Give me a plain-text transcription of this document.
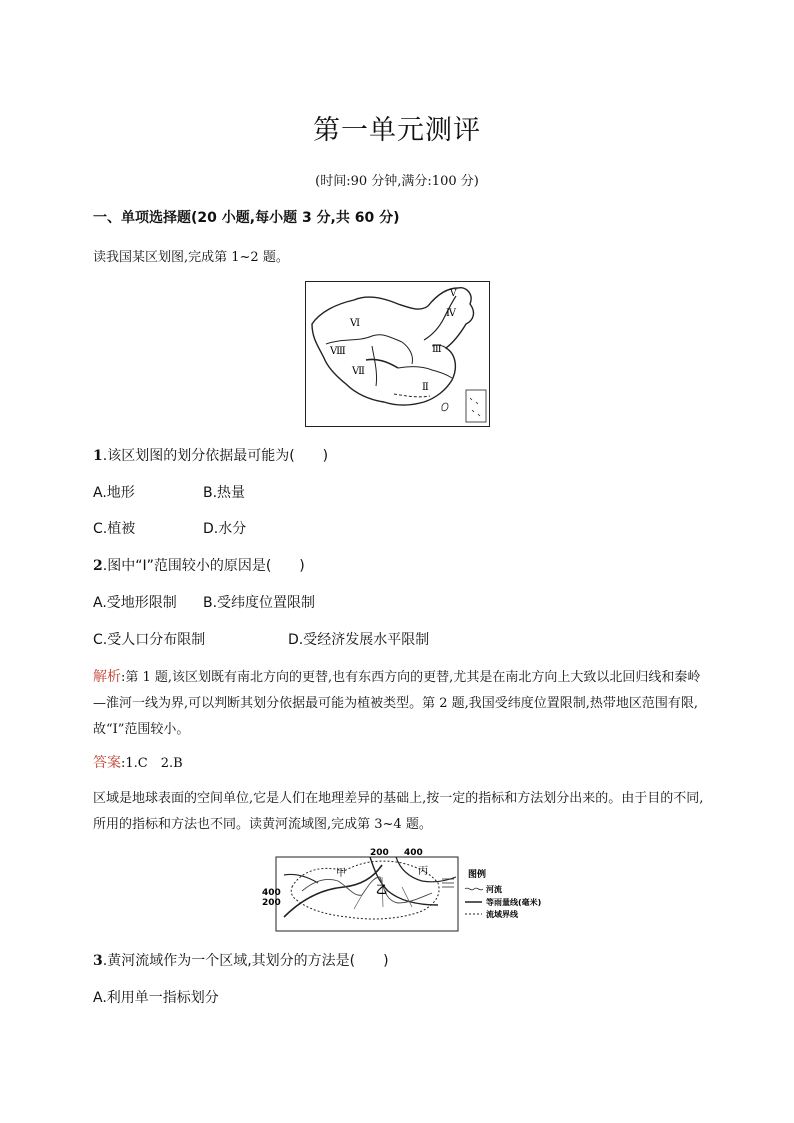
第一单元测评
(时间:90 分钟,满分:100 分)
一、单项选择题(20 小题,每小题 3 分,共 60 分)
读我国某区划图,完成第 1~2 题。
Ⅵ
Ⅷ
Ⅶ
Ⅳ
Ⅴ
Ⅲ
Ⅱ
1.该区划图的划分依据最可能为(　　)
A.地形	B.热量
C.植被	D.水分
2.图中“Ⅰ”范围较小的原因是(　　)
A.受地形限制 B.受纬度位置限制
C.受人口分布限制	D.受经济发展水平限制
解析:第 1 题,该区划既有南北方向的更替,也有东西方向的更替,尤其是在南北方向上大致以北回归线和秦岭—淮河一线为界,可以判断其划分依据最可能为植被类型。第 2 题,我国受纬度位置限制,热带地区范围有限,故“Ⅰ”范围较小。
答案:1.C　2.B
区域是地球表面的空间单位,它是人们在地理差异的基础上,按一定的指标和方法划分出来的。由于目的不同,所用的指标和方法也不同。读黄河流域图,完成第 3~4 题。
200 400
400
200
甲
乙
丙	图例
河流
等雨量线(毫米)
流域界线
3.黄河流域作为一个区域,其划分的方法是(　　)
A.利用单一指标划分
